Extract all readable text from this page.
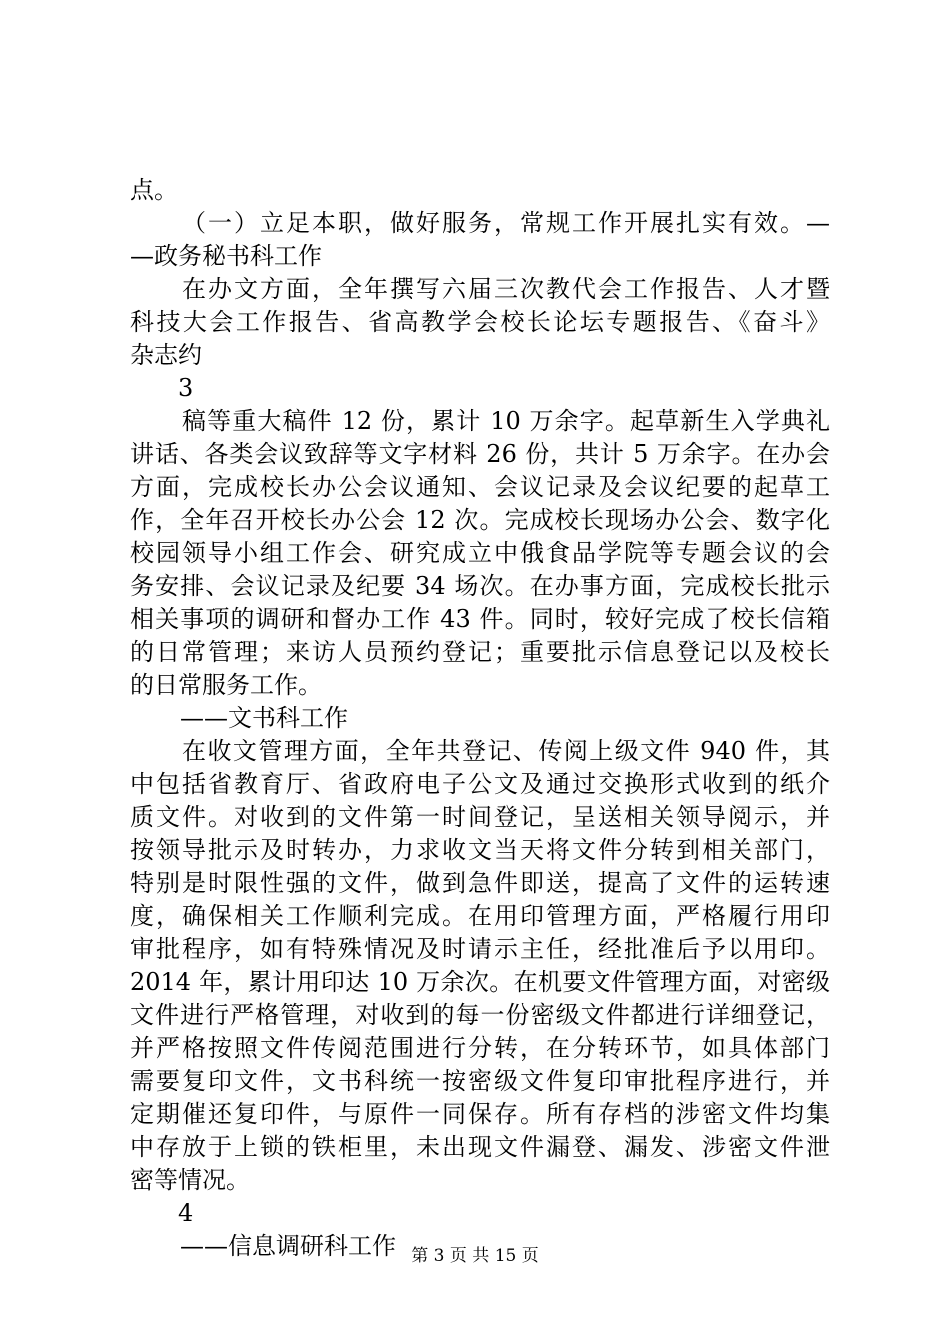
点。
（一）立足本职，做好服务，常规工作开展扎实有效。—
—政务秘书科工作
在办文方面，全年撰写六届三次教代会工作报告、人才暨
科技大会工作报告、省高教学会校长论坛专题报告、《奋斗》
杂志约
3
稿等重大稿件 12 份，累计 10 万余字。起草新生入学典礼
讲话、各类会议致辞等文字材料 26 份，共计 5 万余字。在办会
方面，完成校长办公会议通知、会议记录及会议纪要的起草工
作，全年召开校长办公会 12 次。完成校长现场办公会、数字化
校园领导小组工作会、研究成立中俄食品学院等专题会议的会
务安排、会议记录及纪要 34 场次。在办事方面，完成校长批示
相关事项的调研和督办工作 43 件。同时，较好完成了校长信箱
的日常管理；来访人员预约登记；重要批示信息登记以及校长
的日常服务工作。
——文书科工作
在收文管理方面，全年共登记、传阅上级文件 940 件，其
中包括省教育厅、省政府电子公文及通过交换形式收到的纸介
质文件。对收到的文件第一时间登记，呈送相关领导阅示，并
按领导批示及时转办，力求收文当天将文件分转到相关部门，
特别是时限性强的文件，做到急件即送，提高了文件的运转速
度，确保相关工作顺利完成。在用印管理方面，严格履行用印
审批程序，如有特殊情况及时请示主任，经批准后予以用印。
2014 年，累计用印达 10 万余次。在机要文件管理方面，对密级
文件进行严格管理，对收到的每一份密级文件都进行详细登记，
并严格按照文件传阅范围进行分转，在分转环节，如具体部门
需要复印文件，文书科统一按密级文件复印审批程序进行，并
定期催还复印件，与原件一同保存。所有存档的涉密文件均集
中存放于上锁的铁柜里，未出现文件漏登、漏发、涉密文件泄
密等情况。
4
——信息调研科工作 第 3 页 共 15 页
